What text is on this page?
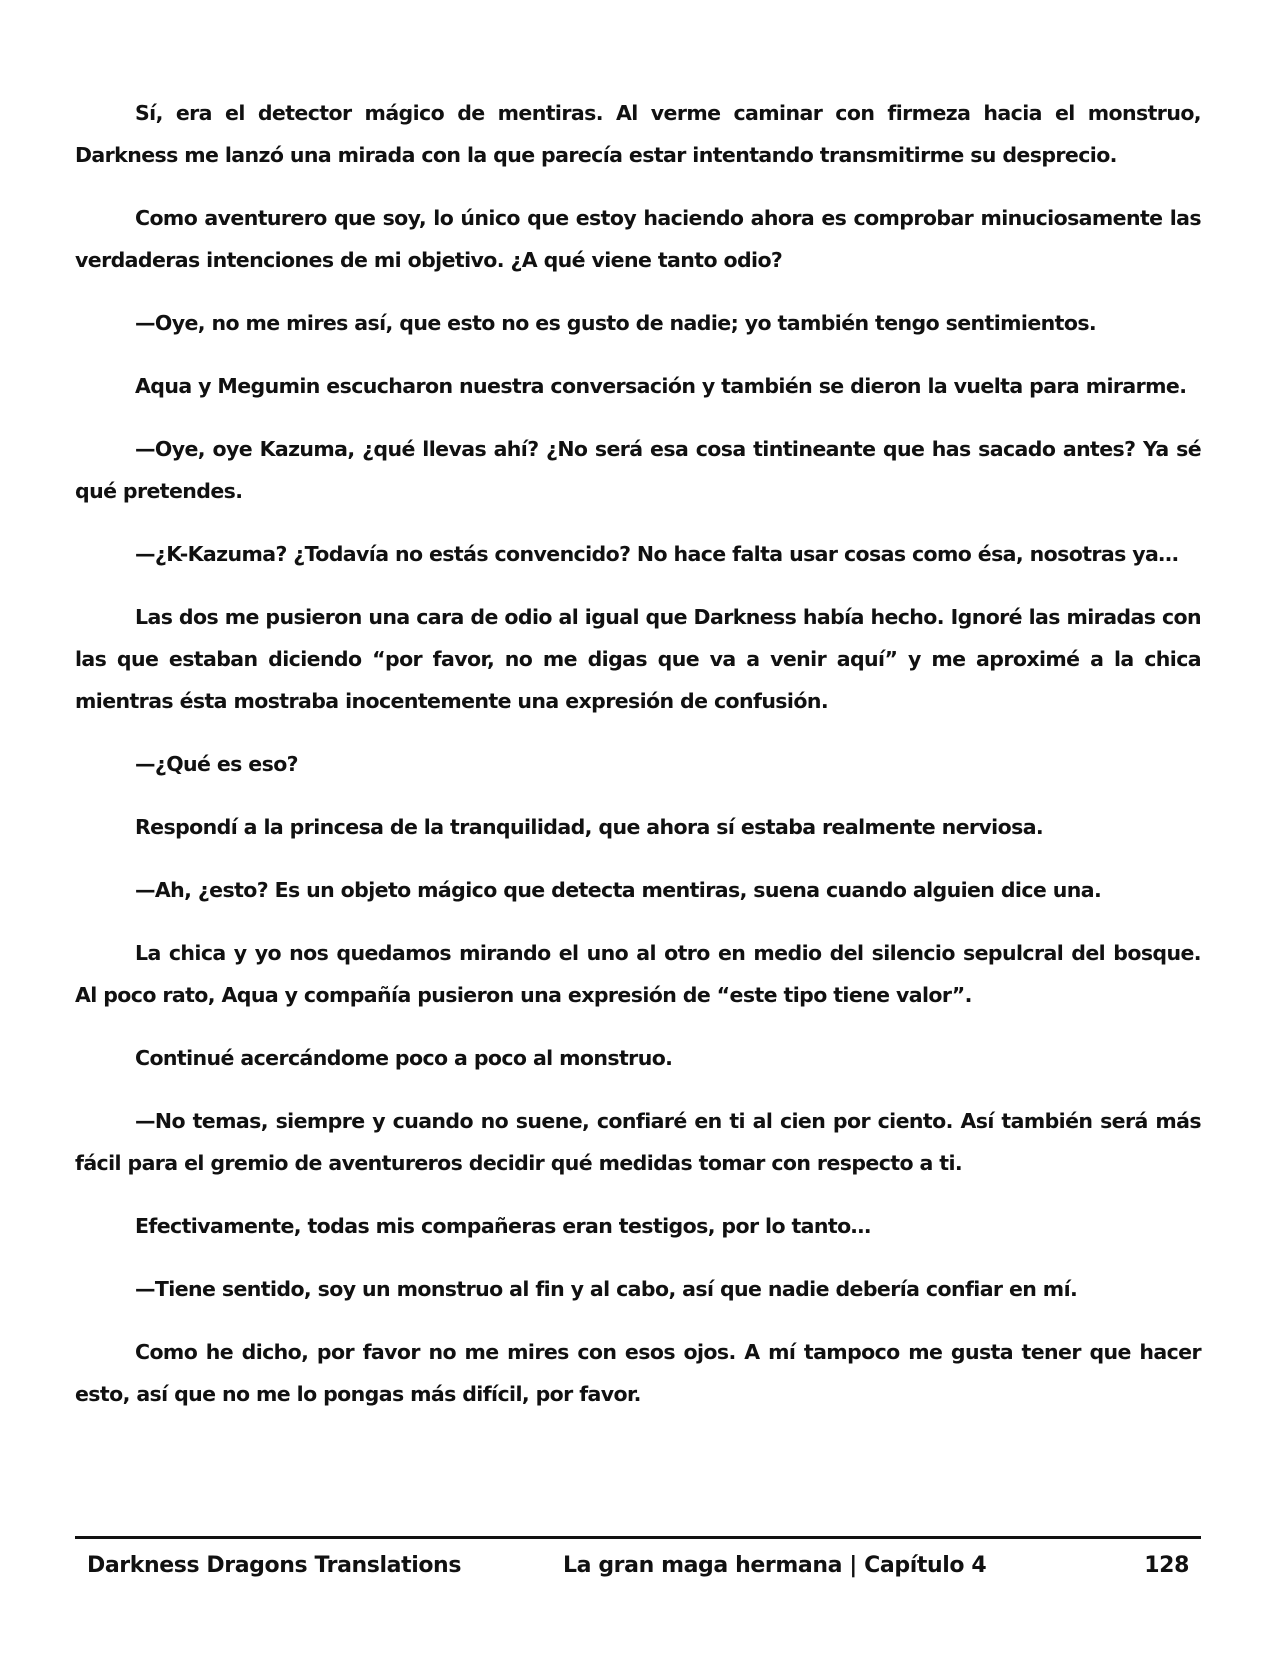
Sí, era el detector mágico de mentiras. Al verme caminar con firmeza hacia el monstruo, Darkness me lanzó una mirada con la que parecía estar intentando transmitirme su desprecio.

Como aventurero que soy, lo único que estoy haciendo ahora es comprobar minuciosamente las verdaderas intenciones de mi objetivo. ¿A qué viene tanto odio?

—Oye, no me mires así, que esto no es gusto de nadie; yo también tengo sentimientos.

Aqua y Megumin escucharon nuestra conversación y también se dieron la vuelta para mirarme.

—Oye, oye Kazuma, ¿qué llevas ahí? ¿No será esa cosa tintineante que has sacado antes? Ya sé qué pretendes.

—¿K-Kazuma? ¿Todavía no estás convencido? No hace falta usar cosas como ésa, nosotras ya…

Las dos me pusieron una cara de odio al igual que Darkness había hecho. Ignoré las miradas con las que estaban diciendo “por favor, no me digas que va a venir aquí” y me aproximé a la chica mientras ésta mostraba inocentemente una expresión de confusión.

—¿Qué es eso?

Respondí a la princesa de la tranquilidad, que ahora sí estaba realmente nerviosa.

—Ah, ¿esto? Es un objeto mágico que detecta mentiras, suena cuando alguien dice una.

La chica y yo nos quedamos mirando el uno al otro en medio del silencio sepulcral del bosque. Al poco rato, Aqua y compañía pusieron una expresión de “este tipo tiene valor”.

Continué acercándome poco a poco al monstruo.

—No temas, siempre y cuando no suene, confiaré en ti al cien por ciento. Así también será más fácil para el gremio de aventureros decidir qué medidas tomar con respecto a ti.

Efectivamente, todas mis compañeras eran testigos, por lo tanto…

—Tiene sentido, soy un monstruo al fin y al cabo, así que nadie debería confiar en mí.

Como he dicho, por favor no me mires con esos ojos. A mí tampoco me gusta tener que hacer esto, así que no me lo pongas más difícil, por favor.

Darkness Dragons Translations	La gran maga hermana | Capítulo 4	128
